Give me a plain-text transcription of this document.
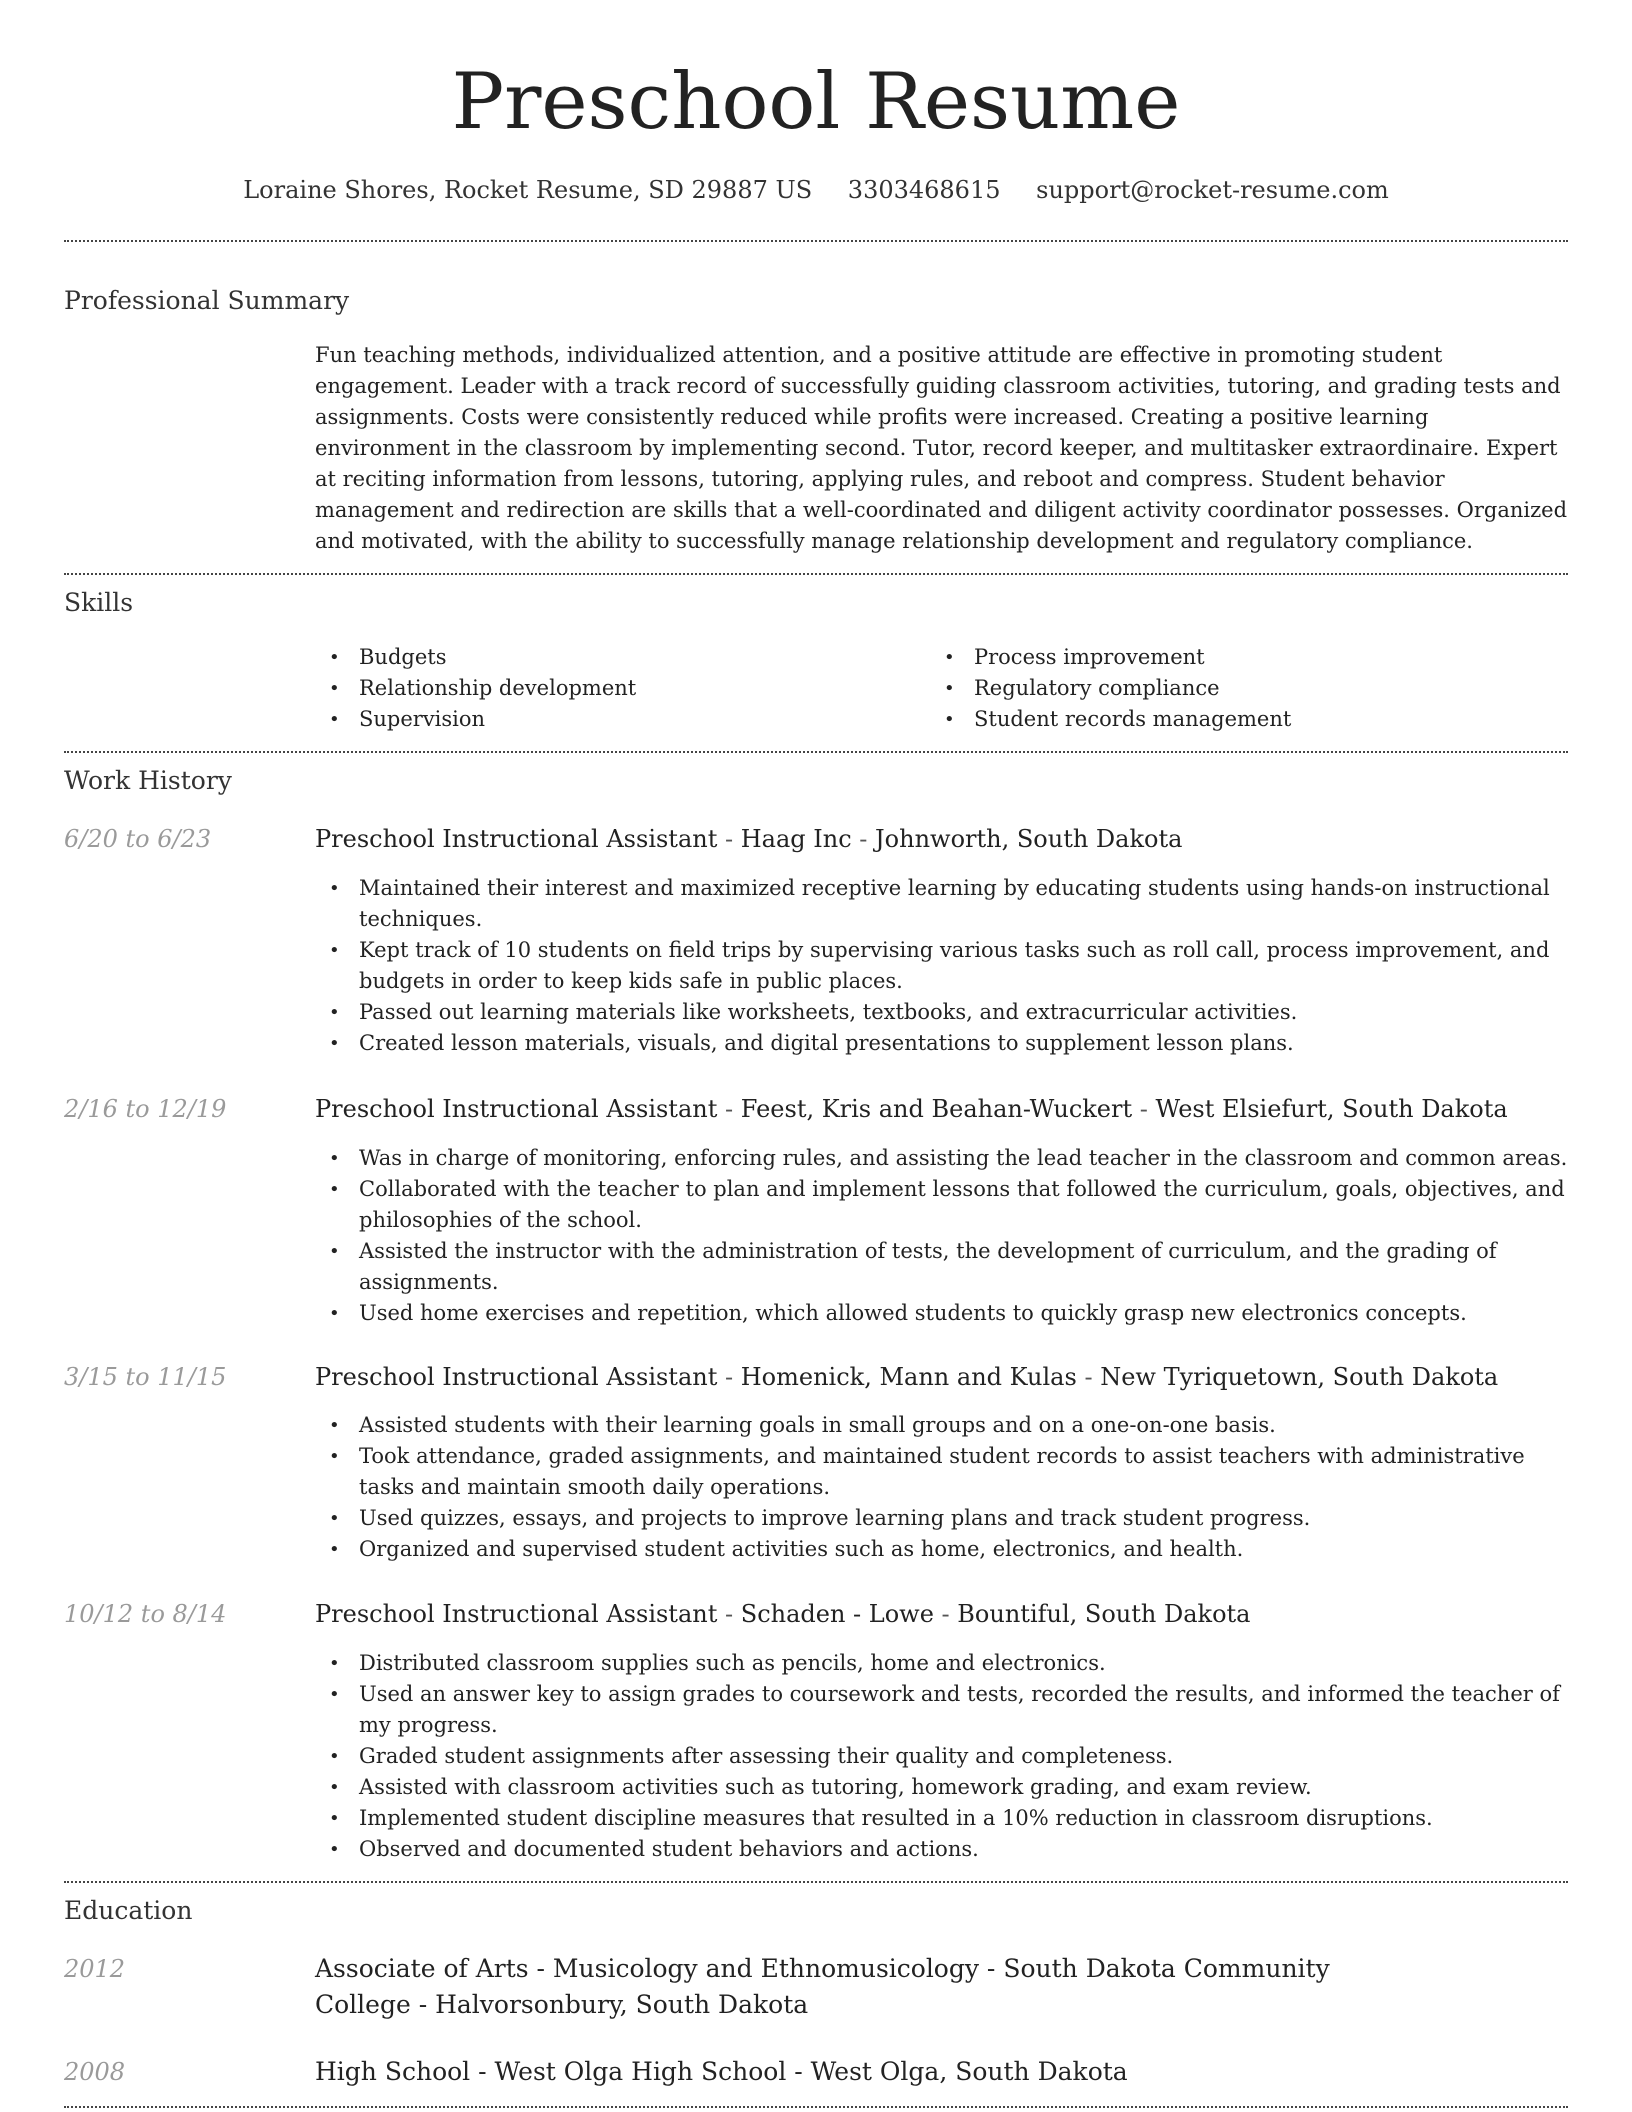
Preschool Resume
Loraine Shores, Rocket Resume, SD 29887 US 3303468615 support@rocket-resume.com
Professional Summary

Fun teaching methods, individualized attention, and a positive attitude are effective in promoting student engagement. Leader with a track record of successfully guiding classroom activities, tutoring, and grading tests and assignments. Costs were consistently reduced while profits were increased. Creating a positive learning environment in the classroom by implementing second. Tutor, record keeper, and multitasker extraordinaire. Expert at reciting information from lessons, tutoring, applying rules, and reboot and compress. Student behavior management and redirection are skills that a well-coordinated and diligent activity coordinator possesses. Organized and motivated, with the ability to successfully manage relationship development and regulatory compliance.

Skills
• Budgets
• Relationship development
• Supervision
• Process improvement
• Regulatory compliance
• Student records management
Work History
6/20 to 6/23	Preschool Instructional Assistant - Haag Inc - Johnworth, South Dakota
• Maintained their interest and maximized receptive learning by educating students using hands-on instructional techniques.
• Kept track of 10 students on field trips by supervising various tasks such as roll call, process improvement, and budgets in order to keep kids safe in public places.
• Passed out learning materials like worksheets, textbooks, and extracurricular activities.
• Created lesson materials, visuals, and digital presentations to supplement lesson plans.
2/16 to 12/19	Preschool Instructional Assistant - Feest, Kris and Beahan-Wuckert - West Elsiefurt, South Dakota
• Was in charge of monitoring, enforcing rules, and assisting the lead teacher in the classroom and common areas.
• Collaborated with the teacher to plan and implement lessons that followed the curriculum, goals, objectives, and philosophies of the school.
• Assisted the instructor with the administration of tests, the development of curriculum, and the grading of assignments.
• Used home exercises and repetition, which allowed students to quickly grasp new electronics concepts.
3/15 to 11/15	Preschool Instructional Assistant - Homenick, Mann and Kulas - New Tyriquetown, South Dakota
• Assisted students with their learning goals in small groups and on a one-on-one basis.
• Took attendance, graded assignments, and maintained student records to assist teachers with administrative tasks and maintain smooth daily operations.
• Used quizzes, essays, and projects to improve learning plans and track student progress.
• Organized and supervised student activities such as home, electronics, and health.
10/12 to 8/14	Preschool Instructional Assistant - Schaden - Lowe - Bountiful, South Dakota
• Distributed classroom supplies such as pencils, home and electronics.
• Used an answer key to assign grades to coursework and tests, recorded the results, and informed the teacher of my progress.
• Graded student assignments after assessing their quality and completeness.
• Assisted with classroom activities such as tutoring, homework grading, and exam review.
• Implemented student discipline measures that resulted in a 10% reduction in classroom disruptions.
• Observed and documented student behaviors and actions.
Education
2012	Associate of Arts - Musicology and Ethnomusicology - South Dakota Community College - Halvorsonbury, South Dakota
2008	High School - West Olga High School - West Olga, South Dakota
